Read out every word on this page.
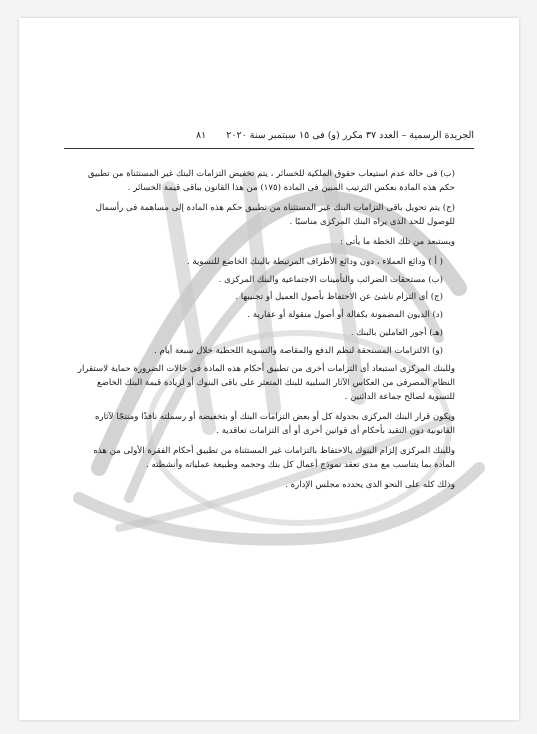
الجريدة الرسمية – العدد ٣٧ مكرر (و) فى ١٥ سبتمبر سنة ٢٠٢٠  ٨١

(ب) فى حالة عدم استيعاب حقوق الملكية للخسائر ، يتم تخفيض التزامات البنك غير المستثناة من تطبيق حكم هذه المادة بعكس الترتيب المبين فى المادة (١٧٥) من هذا القانون بباقى قيمة الخسائر .

(ج) يتم تحويل باقى التزامات البنك غير المستثناة من تطبيق حكم هذه المادة إلى مساهمة فى رأسمال للوصول للحد الذى يراه البنك المركزى مناسبًا .

ويستبعد من تلك الخطة ما يأتى :

( أ ) ودائع العملاء ، دون ودائع الأطراف المرتبطة بالبنك الخاضع للتسوية .

(ب) مستحقات الضرائب والتأمينات الاجتماعية والبنك المركزى .

(ج) أى التزام ناشئ عن الاحتفاظ بأصول العميل أو تجنيبها .

(د) الديون المضمونة بكفالة أو أصول منقولة أو عقارية .

(هـ) أجور العاملين بالبنك .

(و) الالتزامات المستحقة لنظم الدفع والمقاصة والتسوية اللحظية خلال سبعة أيام .

وللبنك المركزى استبعاد أى التزامات أخرى من تطبيق أحكام هذه المادة فى حالات الضرورة حماية لاستقرار النظام المصرفى من العكاس الآثار السلبية للبنك المتعثر على باقى البنوك أو لزيادة قيمة البنك الخاضع للتسوية لصالح جماعة الدائنين .

ويكون قرار البنك المركزى بجدولة كل أو بعض التزامات البنك أو بتخفيضه أو رسملته نافذًا ومنتجًا لآثاره القانونية دون التقيد بأحكام أى قوانين أخرى أو أى التزامات تعاقدية .

وللبنك المركزى إلزام البنوك بالاحتفاظ بالتزامات غير المستثناة من تطبيق أحكام الفقرة الأولى من هذه المادة بما يتناسب مع مدى تعقد نموذج أعمال كل بنك وحجمه وطبيعة عملياته وأنشطته .

وذلك كله على النحو الذى يحدده مجلس الإدارة .
